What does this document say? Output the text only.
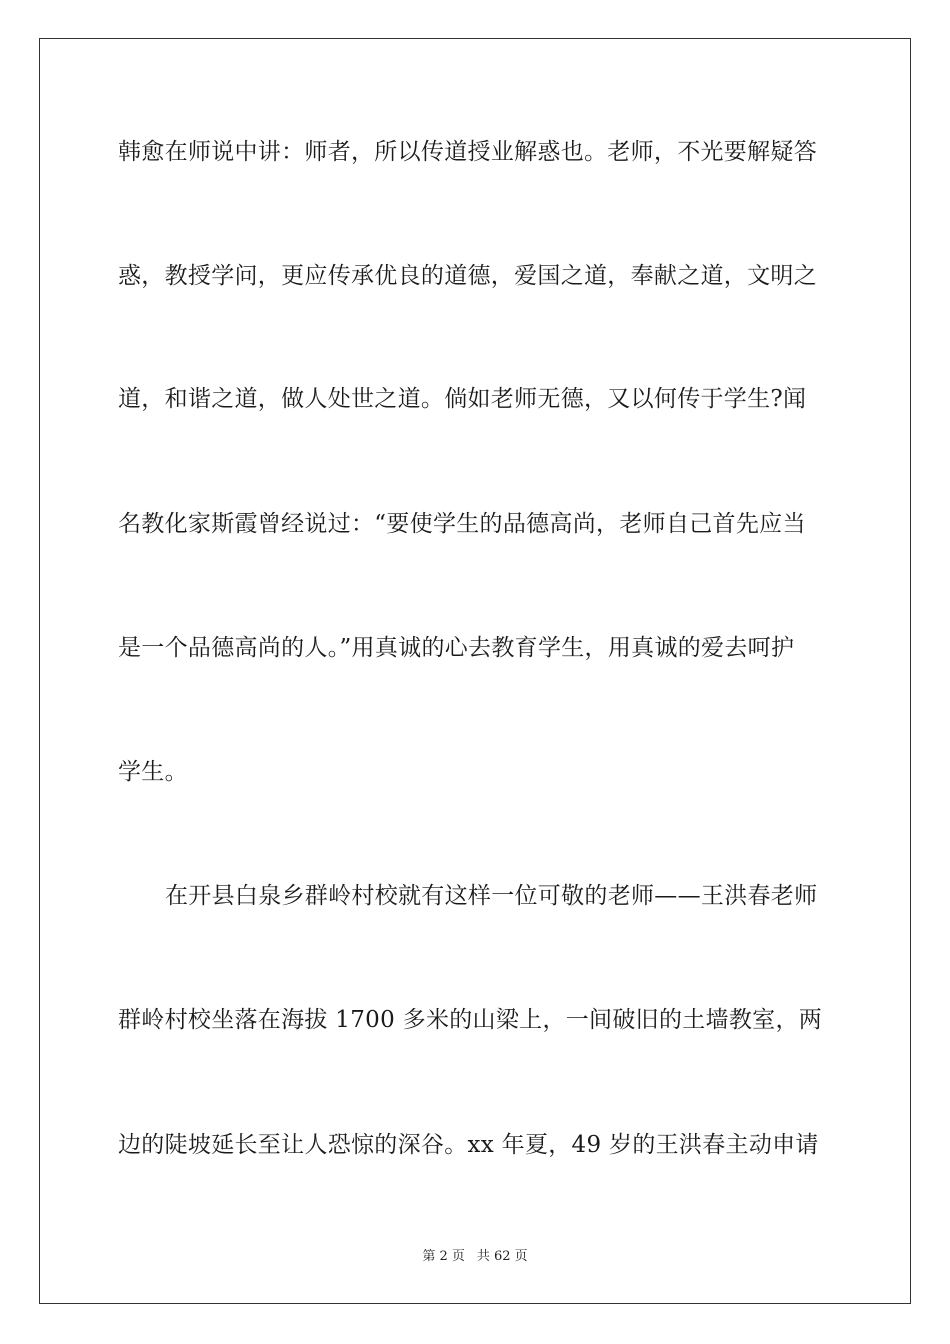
韩愈在师说中讲：师者，所以传道授业解惑也。老师，不光要解疑答
惑，教授学问，更应传承优良的道德，爱国之道，奉献之道，文明之
道，和谐之道，做人处世之道。倘如老师无德，又以何传于学生?闻
名教化家斯霞曾经说过：“要使学生的品德高尚，老师自己首先应当
是一个品德高尚的人。”用真诚的心去教育学生，用真诚的爱去呵护
学生。
在开县白泉乡群岭村校就有这样一位可敬的老师——王洪春老师
群岭村校坐落在海拔 1700 多米的山梁上，一间破旧的土墙教室，两
边的陡坡延长至让人恐惊的深谷。xx 年夏，49 岁的王洪春主动申请
第 2 页 共 62 页
